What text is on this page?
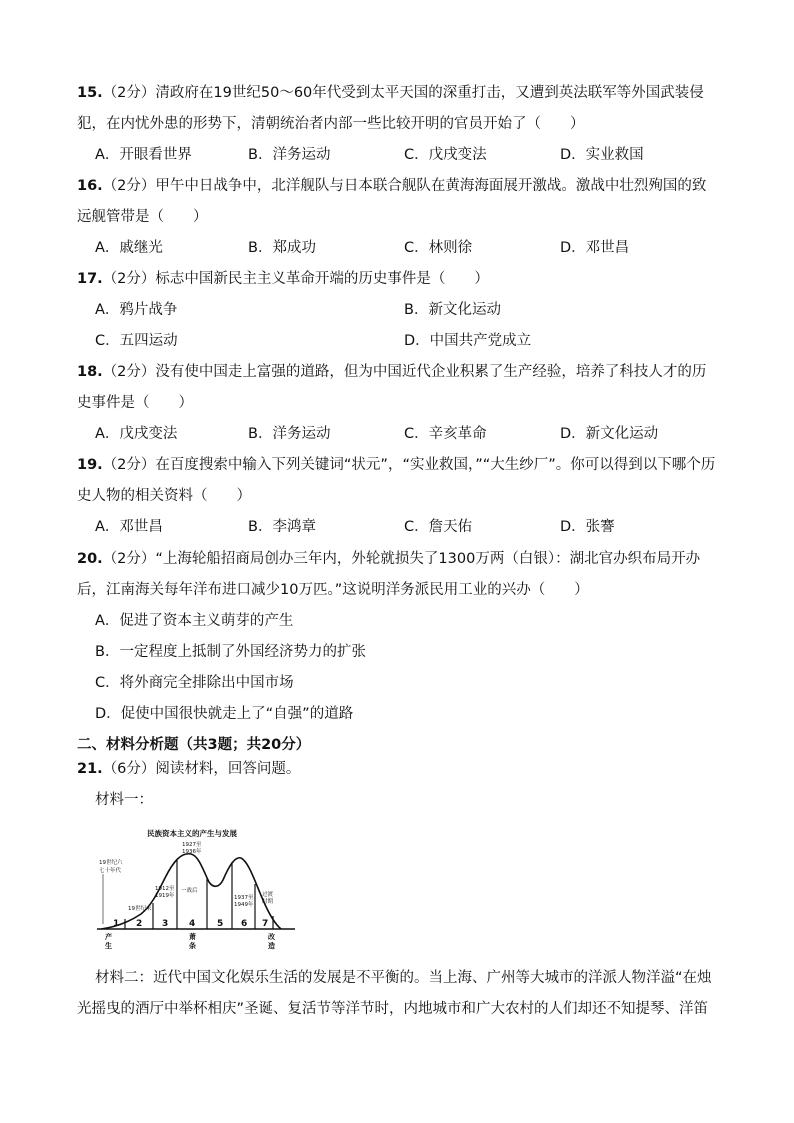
15.（2分）清政府在19世纪50～60年代受到太平天国的深重打击，又遭到英法联军等外国武装侵
犯，在内忧外患的形势下，清朝统治者内部一些比较开明的官员开始了（　　）
A．开眼看世界	B．洋务运动	C．戊戌变法	D．实业救国
16.（2分）甲午中日战争中，北洋舰队与日本联合舰队在黄海海面展开激战。激战中壮烈殉国的致
远舰管带是（　　）
A．戚继光	B．郑成功	C．林则徐	D．邓世昌
17.（2分）标志中国新民主主义革命开端的历史事件是（　　）
A．鸦片战争	B．新文化运动
C．五四运动	D．中国共产党成立
18.（2分）没有使中国走上富强的道路，但为中国近代企业积累了生产经验，培养了科技人才的历
史事件是（　　）
A．戊戌变法	B．洋务运动	C．辛亥革命	D．新文化运动
19.（2分）在百度搜索中输入下列关键词“状元”，“实业救国，”“大生纱厂”。你可以得到以下哪个历
史人物的相关资料（　　）
A．邓世昌	B．李鸿章	C．詹天佑	D．张謇
20.（2分）“上海轮船招商局创办三年内，外轮就损失了1300万两（白银）：湖北官办织布局开办
后，江南海关每年洋布进口减少10万匹。”这说明洋务派民用工业的兴办（　　）
A．促进了资本主义萌芽的产生
B．一定程度上抵制了外国经济势力的扩张
C．将外商完全排除出中国市场
D．促使中国很快就走上了“自强”的道路
二、材料分析题（共3题；共20分）
21.（6分）阅读材料，回答问题。
材料一：
民族资本主义的产生与发展
1 2 3 4 5 6 7
19世纪六
七十年代
19世纪末
1912至
1919年
一战后
1927至
1936年
1937至
1949年
过渡
时期
产
生
萧
条
改
造
材料二：近代中国文化娱乐生活的发展是不平衡的。当上海、广州等大城市的洋派人物洋溢“在烛
光摇曳的酒厅中举杯相庆”圣诞、复活节等洋节时，内地城市和广大农村的人们却还不知提琴、洋笛
